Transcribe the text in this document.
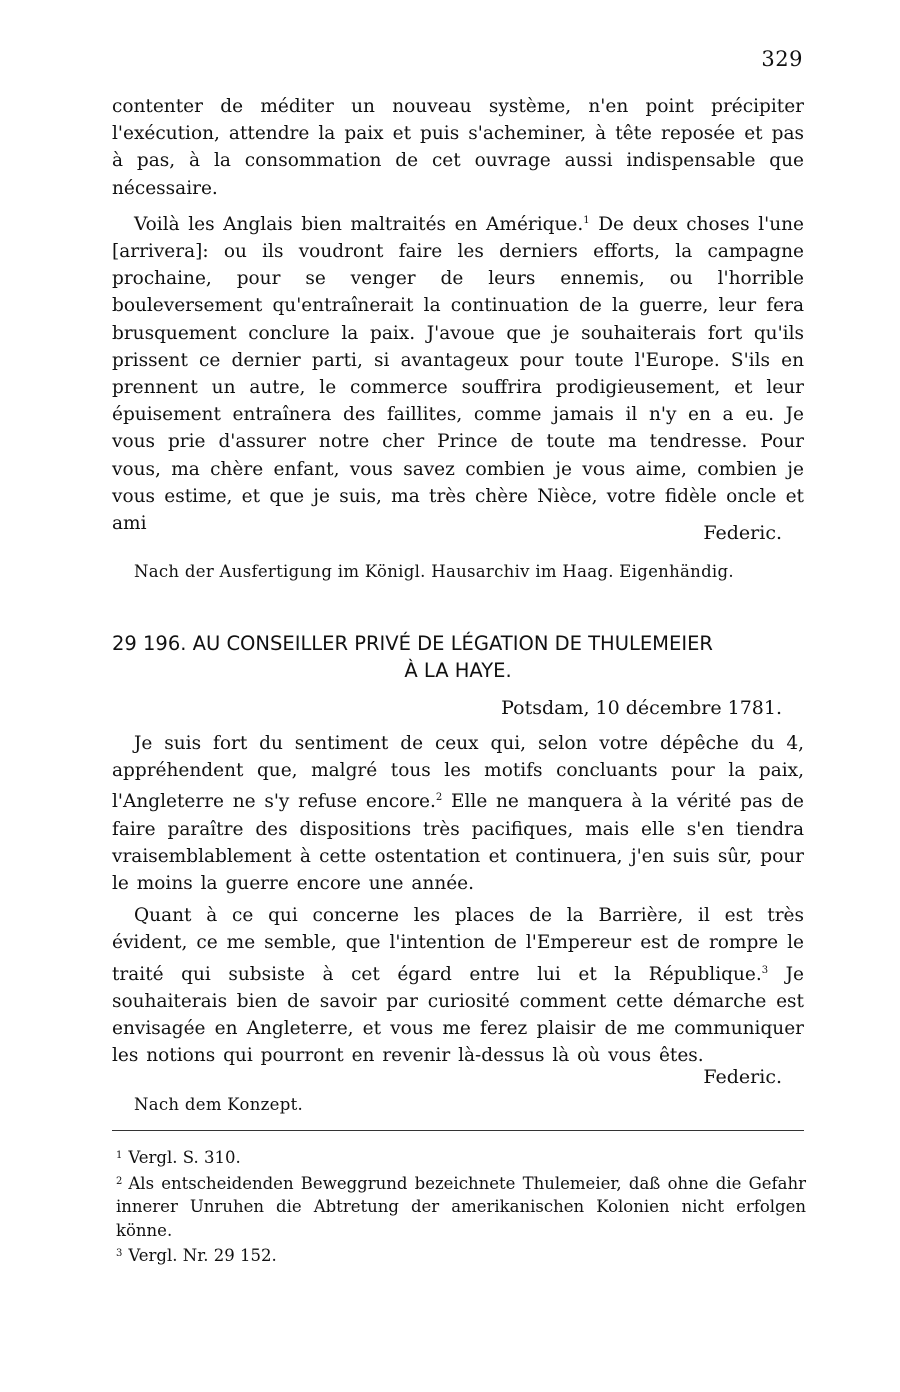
329

contenter de méditer un nouveau système, n'en point précipiter l'exécution, attendre la paix et puis s'acheminer, à tête reposée et pas à pas, à la consommation de cet ouvrage aussi indispensable que nécessaire.

Voilà les Anglais bien maltraités en Amérique.$^1$ De deux choses l'une [arrivera]: ou ils voudront faire les derniers efforts, la campagne prochaine, pour se venger de leurs ennemis, ou l'horrible bouleversement qu'entraînerait la continuation de la guerre, leur fera brusquement conclure la paix. J'avoue que je souhaiterais fort qu'ils prissent ce dernier parti, si avantageux pour toute l'Europe. S'ils en prennent un autre, le commerce souffrira prodigieusement, et leur épuisement entraînera des faillites, comme jamais il n'y en a eu. Je vous prie d'assurer notre cher Prince de toute ma tendresse. Pour vous, ma chère enfant, vous savez combien je vous aime, combien je vous estime, et que je suis, ma très chère Nièce, votre fidèle oncle et ami	Federic.
Nach der Ausfertigung im Königl. Hausarchiv im Haag. Eigenhändig.
29 196. AU CONSEILLER PRIVÉ DE LÉGATION DE THULEMEIER
À LA HAYE.
Potsdam, 10 décembre 1781.

Je suis fort du sentiment de ceux qui, selon votre dépêche du 4, appréhendent que, malgré tous les motifs concluants pour la paix, l'Angleterre ne s'y refuse encore.$^2$ Elle ne manquera à la vérité pas de faire paraître des dispositions très pacifiques, mais elle s'en tiendra vraisemblablement à cette ostentation et continuera, j'en suis sûr, pour le moins la guerre encore une année.

Quant à ce qui concerne les places de la Barrière, il est très évident, ce me semble, que l'intention de l'Empereur est de rompre le traité qui subsiste à cet égard entre lui et la République.$^3$ Je souhaiterais bien de savoir par curiosité comment cette démarche est envisagée en Angleterre, et vous me ferez plaisir de me communiquer les notions qui pourront en revenir là-dessus là où vous êtes.

Federic.
Nach dem Konzept.

$^1$ Vergl. S. 310.

$^2$ Als entscheidenden Beweggrund bezeichnete Thulemeier, daß ohne die Gefahr innerer Unruhen die Abtretung der amerikanischen Kolonien nicht erfolgen könne.

$^3$ Vergl. Nr. 29 152.
